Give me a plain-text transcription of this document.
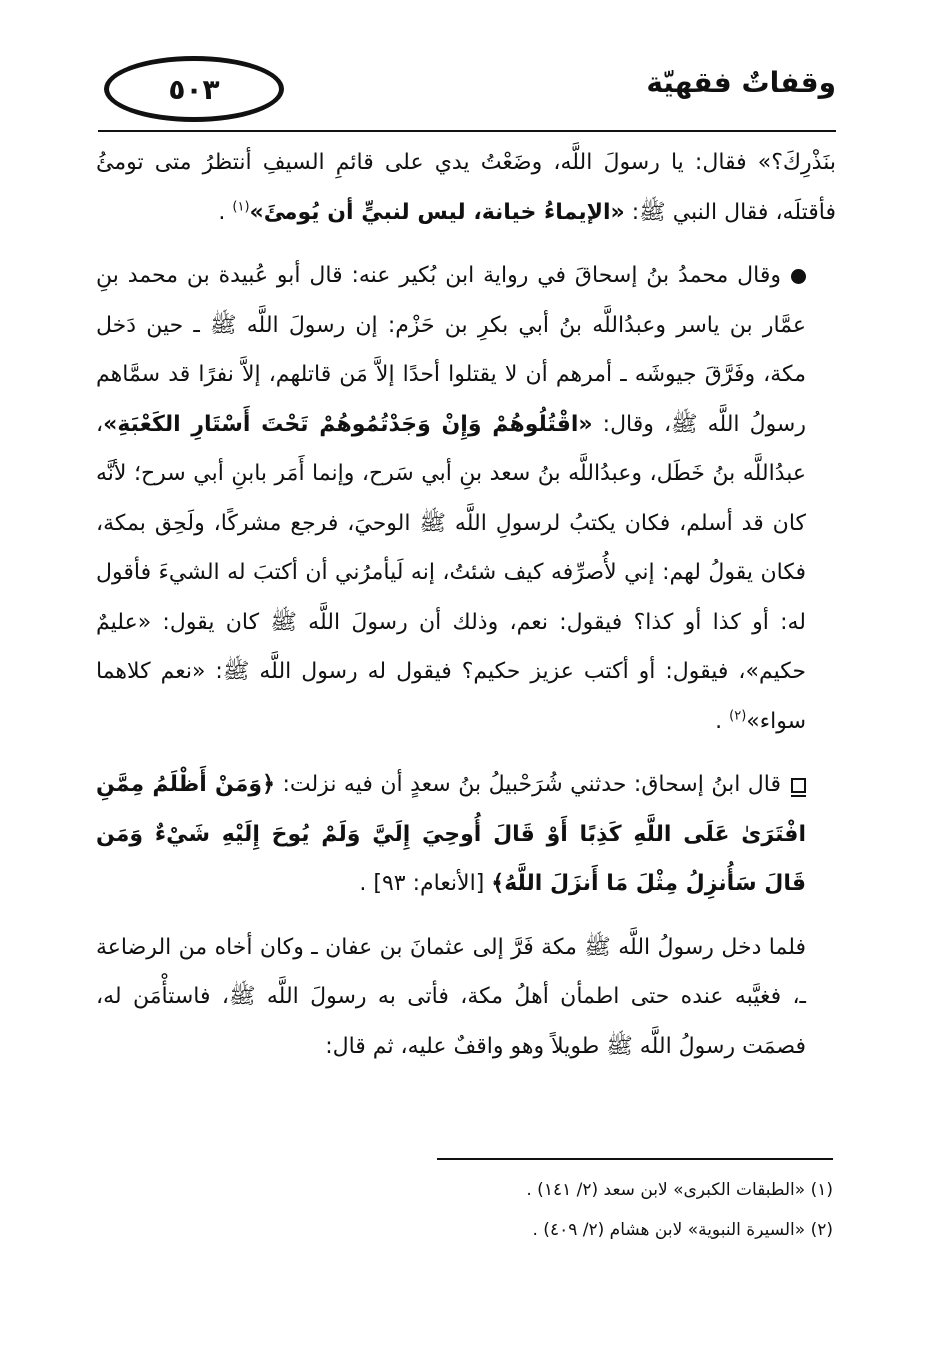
٥٠٣	وقفاتٌ فقهيّة

بنَذْرِكَ؟» فقال: يا رسولَ اللَّه، وضَعْتُ يدي على قائمِ السيفِ أنتظرُ متى تومئُ فأقتلَه، فقال النبي ﷺ: «الإيماءُ خيانة، ليس لنبيٍّ أن يُومئَ»$^{(١)}$ .

وقال محمدُ بنُ إسحاقَ في رواية ابن بُكير عنه: قال أبو عُبيدة بن محمد بنِ عمَّار بن ياسر وعبدُاللَّه بنُ أبي بكرِ بن حَزْم: إن رسولَ اللَّه ﷺ ـ حين دَخل مكة، وفَرَّقَ جيوشَه ـ أمرهم أن لا يقتلوا أحدًا إلاَّ مَن قاتلهم، إلاَّ نفرًا قد سمَّاهم رسولُ اللَّه ﷺ، وقال: «اقْتُلُوهُمْ وَإِنْ وَجَدْتُمُوهُمْ تَحْتَ أَسْتَارِ الكَعْبَةِ»، عبدُاللَّه بنُ خَطَل، وعبدُاللَّه بنُ سعد بنِ أبي سَرح، وإنما أَمَر بابنِ أبي سرح؛ لأنَّه كان قد أسلم، فكان يكتبُ لرسولِ اللَّه ﷺ الوحيَ، فرجع مشركًا، ولَحِق بمكة، فكان يقولُ لهم: إني لأُصرِّفه كيف شئتُ، إنه لَيأمرُني أن أكتبَ له الشيءَ فأقول له: أو كذا أو كذا؟ فيقول: نعم، وذلك أن رسولَ اللَّه ﷺ كان يقول: «عليمٌ حكيم»، فيقول: أو أكتب عزيز حكيم؟ فيقول له رسول اللَّه ﷺ: «نعم كلاهما سواء»$^{(٢)}$ .

قال ابنُ إسحاق: حدثني شُرَحْبيلُ بنُ سعدٍ أن فيه نزلت: ﴿وَمَنْ أَظْلَمُ مِمَّنِ افْتَرَىٰ عَلَى اللَّهِ كَذِبًا أَوْ قَالَ أُوحِيَ إِلَيَّ وَلَمْ يُوحَ إِلَيْهِ شَيْءٌ وَمَن قَالَ سَأُنزِلُ مِثْلَ مَا أَنزَلَ اللَّهُ﴾ [الأنعام: ٩٣] .

فلما دخل رسولُ اللَّه ﷺ مكة فَرَّ إلى عثمانَ بن عفان ـ وكان أخاه من الرضاعة ـ، فغيَّبه عنده حتى اطمأن أهلُ مكة، فأتى به رسولَ اللَّه ﷺ، فاستأْمَن له، فصمَت رسولُ اللَّه ﷺ طويلاً وهو واقفٌ عليه، ثم قال:

(١) «الطبقات الكبرى» لابن سعد (٢/ ١٤١) .

(٢) «السيرة النبوية» لابن هشام (٢/ ٤٠٩) .
